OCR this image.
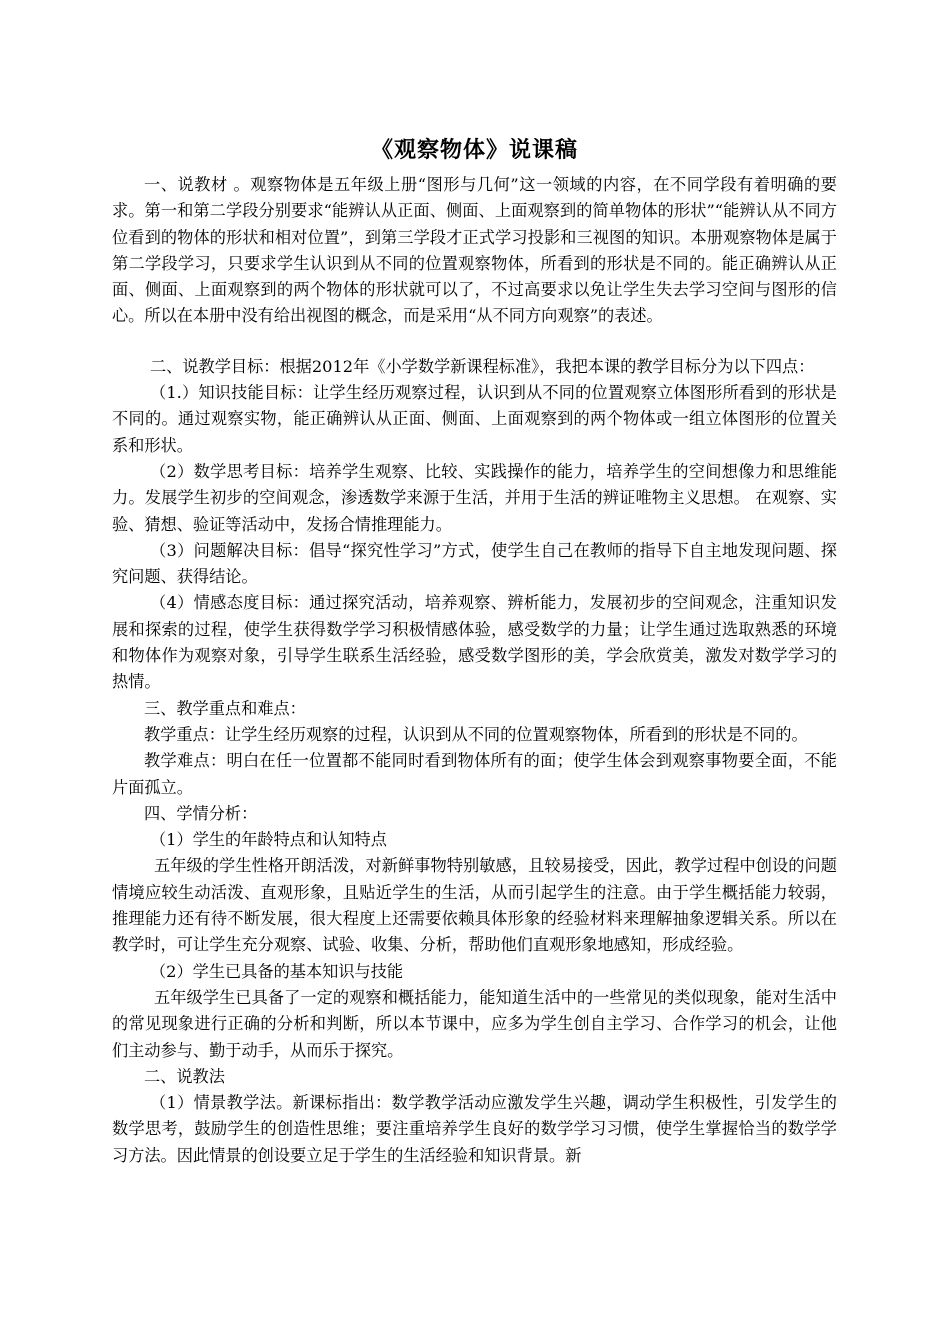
《观察物体》说课稿

一、说教材 。观察物体是五年级上册“图形与几何”这一领域的内容，在不同学段有着明确的要求。第一和第二学段分别要求“能辨认从正面、侧面、上面观察到的简单物体的形状”“能辨认从不同方位看到的物体的形状和相对位置”，到第三学段才正式学习投影和三视图的知识。本册观察物体是属于第二学段学习，只要求学生认识到从不同的位置观察物体，所看到的形状是不同的。能正确辨认从正面、侧面、上面观察到的两个物体的形状就可以了，不过高要求以免让学生失去学习空间与图形的信心。所以在本册中没有给出视图的概念，而是采用“从不同方向观察”的表述。

二、说教学目标：根据2012年《小学数学新课程标准》，我把本课的教学目标分为以下四点：

（1.）知识技能目标：让学生经历观察过程，认识到从不同的位置观察立体图形所看到的形状是不同的。通过观察实物，能正确辨认从正面、侧面、上面观察到的两个物体或一组立体图形的位置关系和形状。

（2）数学思考目标：培养学生观察、比较、实践操作的能力，培养学生的空间想像力和思维能力。发展学生初步的空间观念，渗透数学来源于生活，并用于生活的辨证唯物主义思想。 在观察、实验、猜想、验证等活动中，发扬合情推理能力。

（3）问题解决目标：倡导“探究性学习”方式，使学生自己在教师的指导下自主地发现问题、探究问题、获得结论。

（4）情感态度目标：通过探究活动，培养观察、辨析能力，发展初步的空间观念，注重知识发展和探索的过程，使学生获得数学学习积极情感体验，感受数学的力量；让学生通过选取熟悉的环境和物体作为观察对象，引导学生联系生活经验，感受数学图形的美，学会欣赏美，激发对数学学习的热情。

三、教学重点和难点：

教学重点：让学生经历观察的过程，认识到从不同的位置观察物体，所看到的形状是不同的。

教学难点：明白在任一位置都不能同时看到物体所有的面；使学生体会到观察事物要全面，不能片面孤立。

四、学情分析：

（1）学生的年龄特点和认知特点

五年级的学生性格开朗活泼，对新鲜事物特别敏感，且较易接受，因此，教学过程中创设的问题情境应较生动活泼、直观形象，且贴近学生的生活，从而引起学生的注意。由于学生概括能力较弱，推理能力还有待不断发展，很大程度上还需要依赖具体形象的经验材料来理解抽象逻辑关系。所以在教学时，可让学生充分观察、试验、收集、分析，帮助他们直观形象地感知，形成经验。

（2）学生已具备的基本知识与技能

五年级学生已具备了一定的观察和概括能力，能知道生活中的一些常见的类似现象，能对生活中的常见现象进行正确的分析和判断，所以本节课中，应多为学生创自主学习、合作学习的机会，让他们主动参与、勤于动手，从而乐于探究。

二、说教法

（1）情景教学法。新课标指出：数学教学活动应激发学生兴趣，调动学生积极性，引发学生的数学思考，鼓励学生的创造性思维；要注重培养学生良好的数学学习习惯，使学生掌握恰当的数学学习方法。因此情景的创设要立足于学生的生活经验和知识背景。新
